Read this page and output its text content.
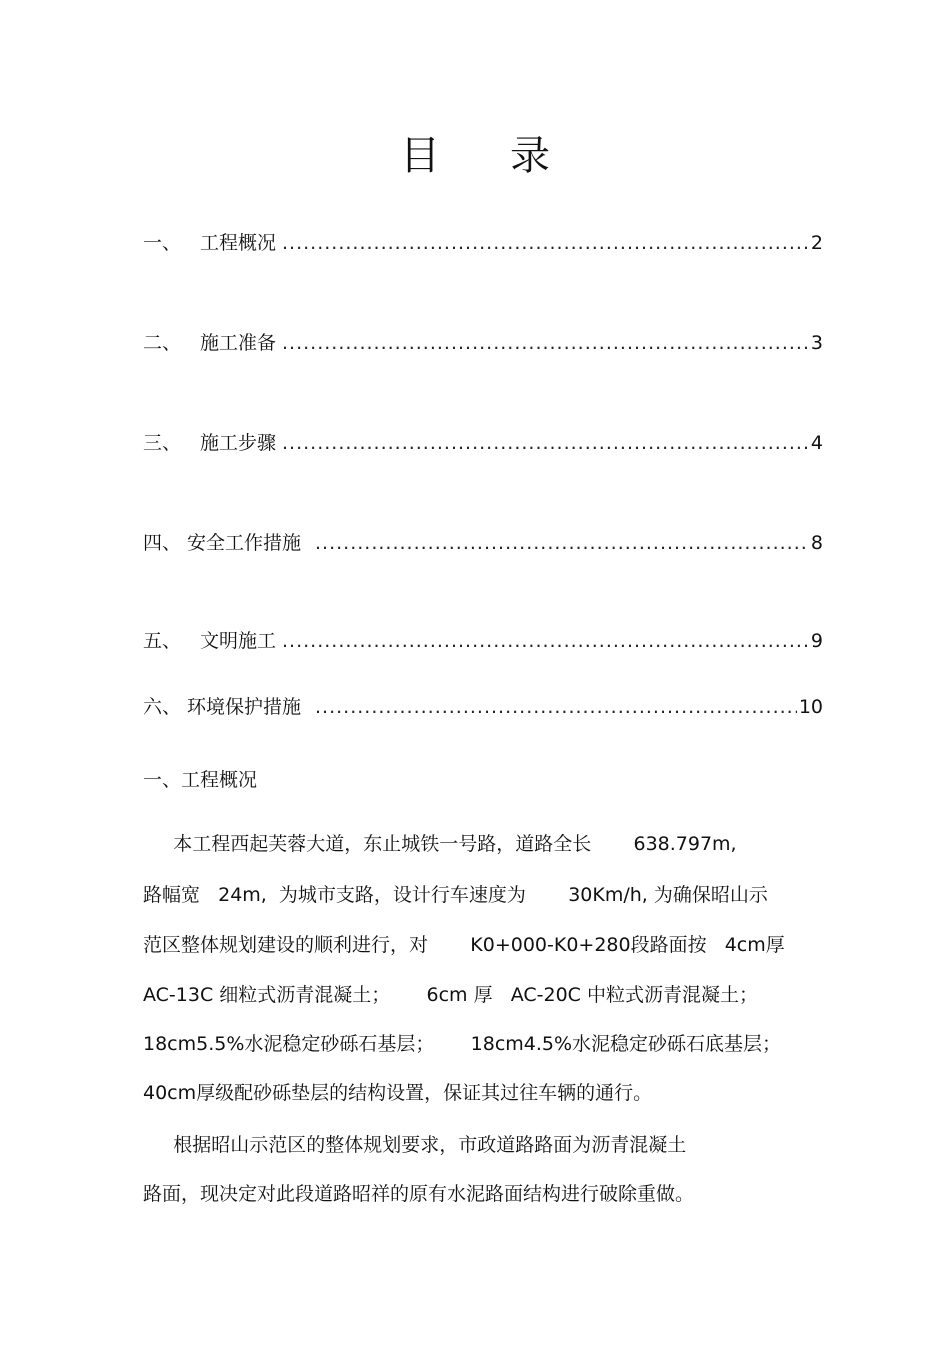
目 录
一、 工程概况 .....	2
二、 施工准备 .....	3
三、 施工步骤 .....	4
四、 安全工作措施 .....	8
五、 文明施工 .....	9
六、 环境保护措施 .....	10
一、工程概况
本工程西起芙蓉大道，东止城铁一号路，道路全长       638.797m,
路幅宽   24m,  为城市支路，设计行车速度为       30Km/h, 为确保昭山示
范区整体规划建设的顺利进行，对       K0+000-K0+280段路面按   4cm厚
AC-13C 细粒式沥青混凝土；      6cm 厚   AC-20C 中粒式沥青混凝土；
18cm5.5%水泥稳定砂砾石基层；      18cm4.5%水泥稳定砂砾石底基层；
40cm厚级配砂砾垫层的结构设置，保证其过往车辆的通行。
根据昭山示范区的整体规划要求，市政道路路面为沥青混凝土
路面，现决定对此段道路昭祥的原有水泥路面结构进行破除重做。
